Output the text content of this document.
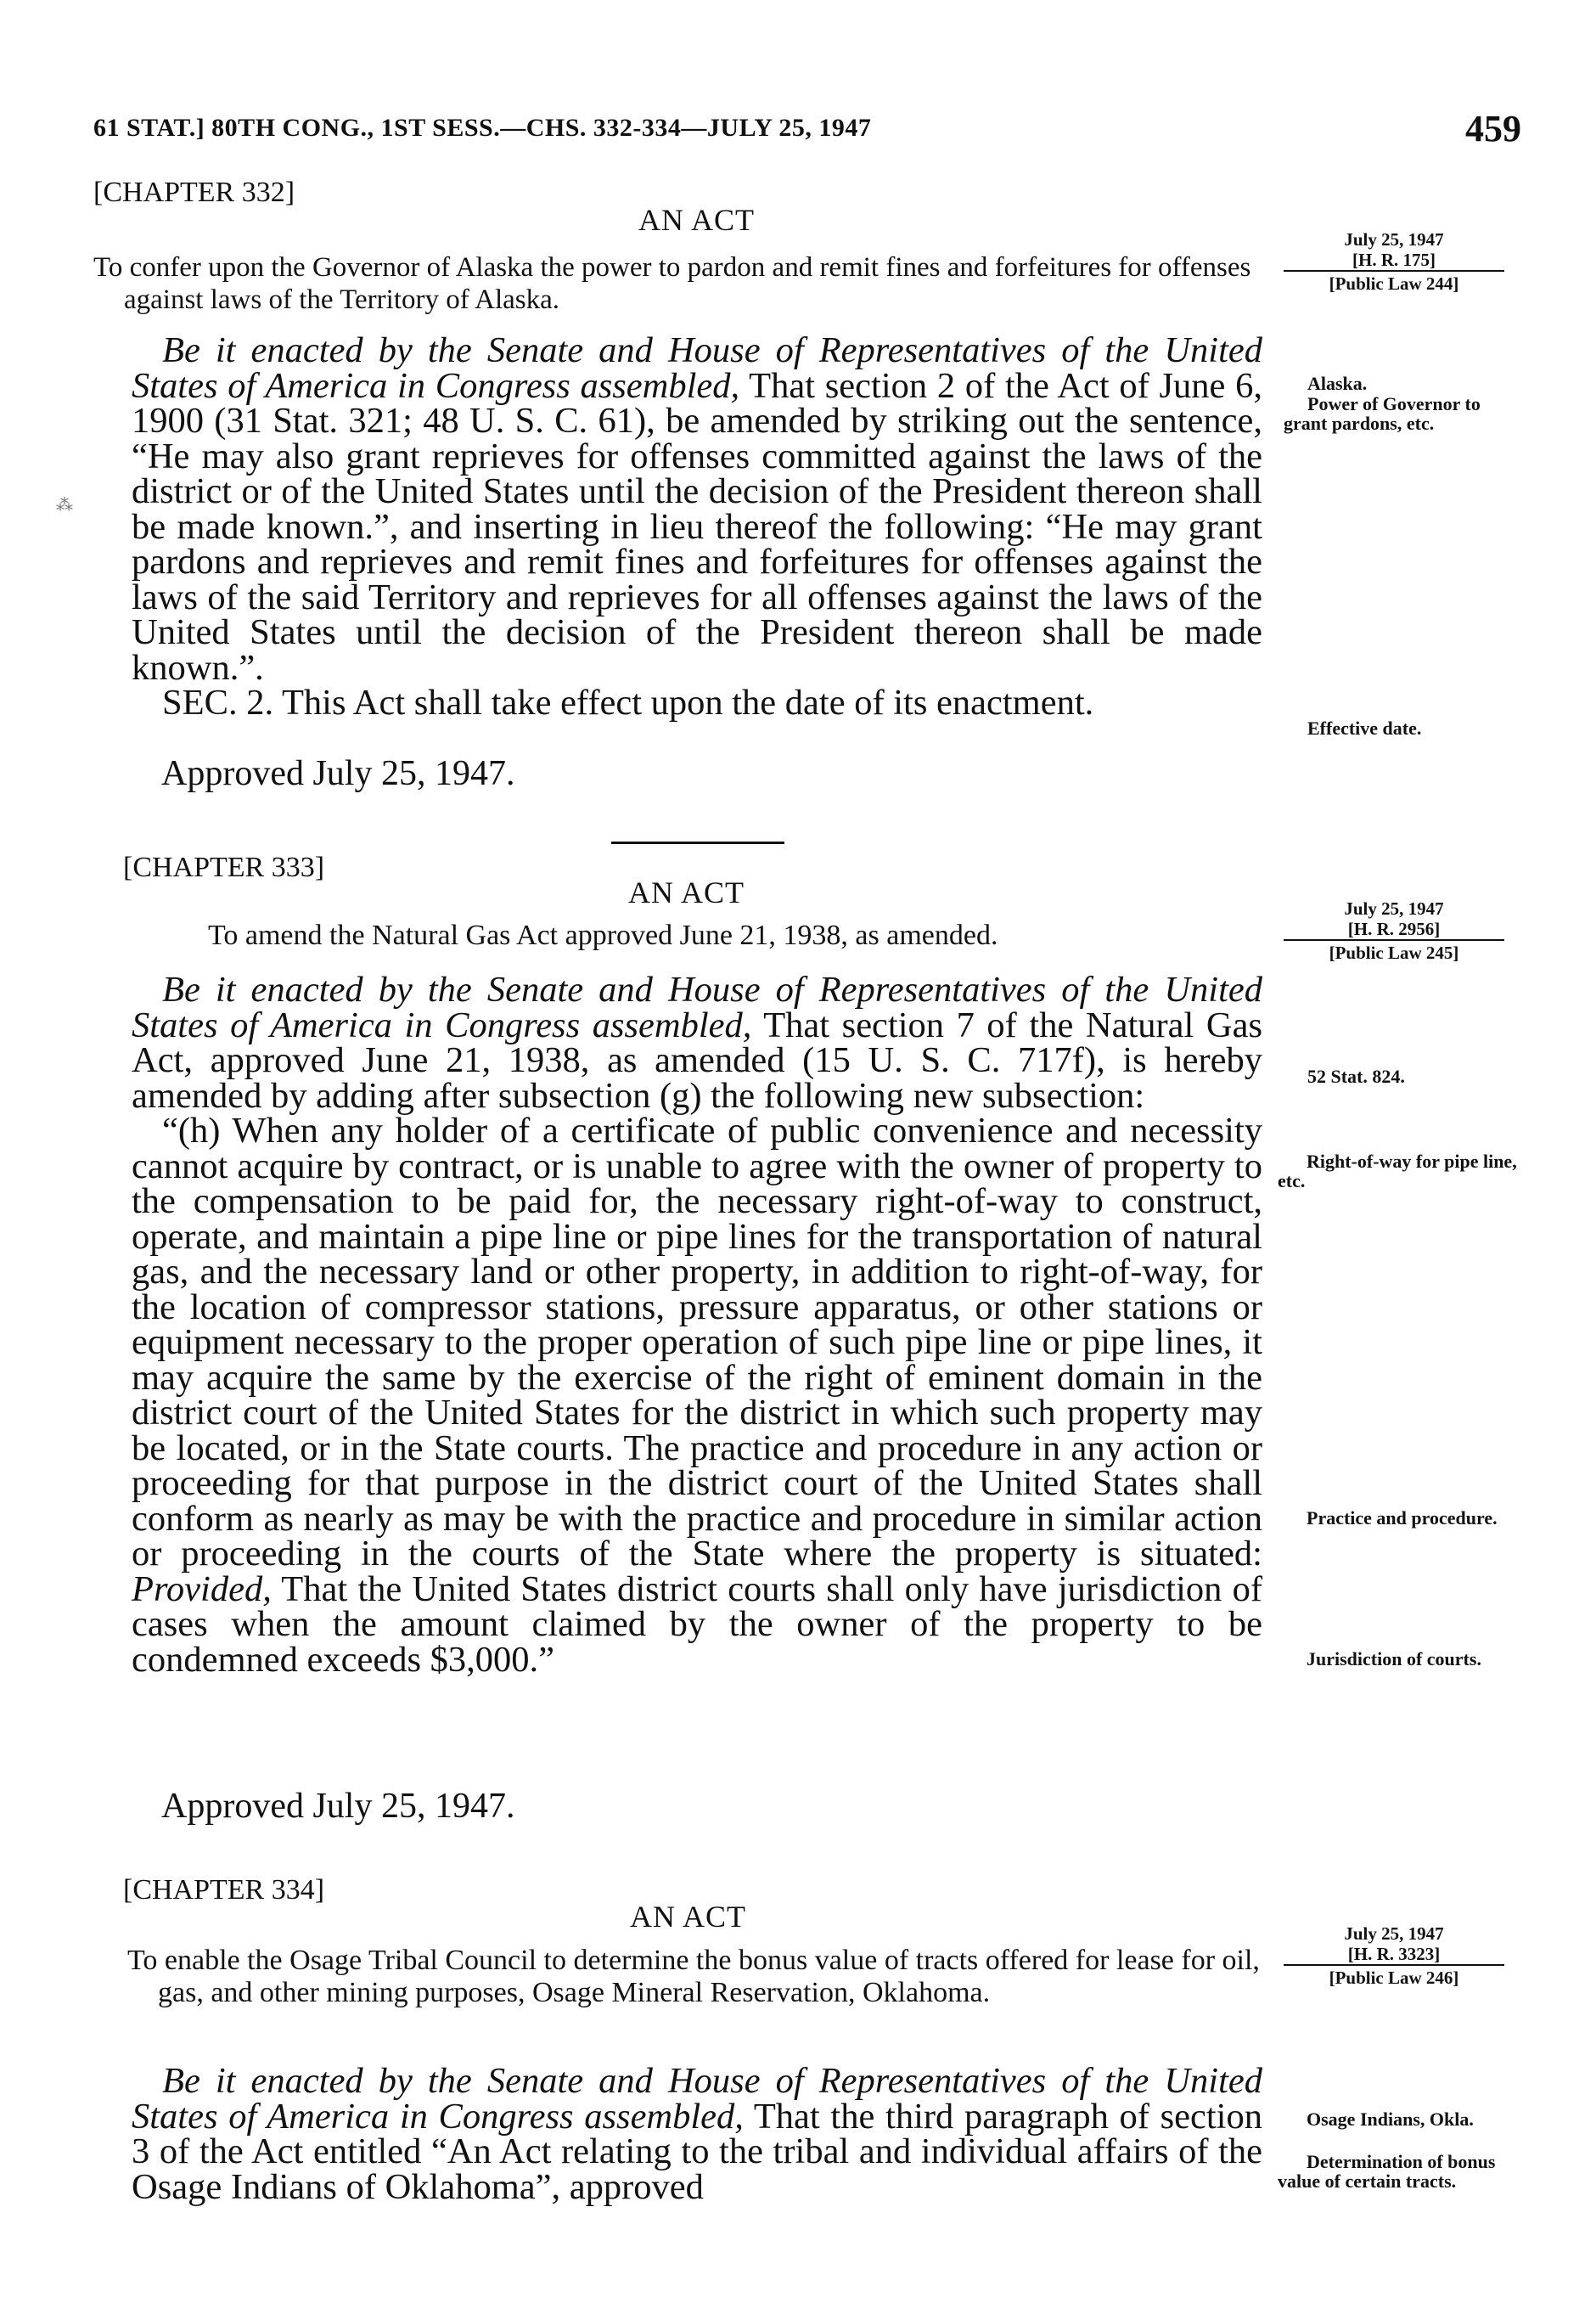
61 STAT.] 80TH CONG., 1ST SESS.—CHS. 332-334—JULY 25, 1947	459
⁂
[CHAPTER 332]
AN ACT
To confer upon the Governor of Alaska the power to pardon and remit fines and forfeitures for offenses against laws of the Territory of Alaska.
July 25, 1947
[H. R. 175]
[Public Law 244]

Be it enacted by the Senate and House of Representatives of the United States of America in Congress assembled, That section 2 of the Act of June 6, 1900 (31 Stat. 321; 48 U. S. C. 61), be amended by striking out the sentence, “He may also grant reprieves for offenses committed against the laws of the district or of the United States until the decision of the President thereon shall be made known.”, and inserting in lieu thereof the following: “He may grant pardons and reprieves and remit fines and forfeitures for offenses against the laws of the said Territory and reprieves for all offenses against the laws of the United States until the decision of the President thereon shall be made known.”.

SEC. 2. This Act shall take effect upon the date of its enactment.

Approved July 25, 1947.
Alaska.
Power of Governor to grant pardons, etc.
Effective date.
[CHAPTER 333]
AN ACT
To amend the Natural Gas Act approved June 21, 1938, as amended.
July 25, 1947
[H. R. 2956]
[Public Law 245]

Be it enacted by the Senate and House of Representatives of the United States of America in Congress assembled, That section 7 of the Natural Gas Act, approved June 21, 1938, as amended (15 U. S. C. 717f), is hereby amended by adding after subsection (g) the following new subsection:

“(h) When any holder of a certificate of public convenience and necessity cannot acquire by contract, or is unable to agree with the owner of property to the compensation to be paid for, the necessary right-of-way to construct, operate, and maintain a pipe line or pipe lines for the transportation of natural gas, and the necessary land or other property, in addition to right-of-way, for the location of compressor stations, pressure apparatus, or other stations or equipment necessary to the proper operation of such pipe line or pipe lines, it may acquire the same by the exercise of the right of eminent domain in the district court of the United States for the district in which such property may be located, or in the State courts. The practice and procedure in any action or proceeding for that purpose in the district court of the United States shall conform as nearly as may be with the practice and procedure in similar action or proceeding in the courts of the State where the property is situated: Provided, That the United States district courts shall only have jurisdiction of cases when the amount claimed by the owner of the property to be condemned exceeds $3,000.”

Approved July 25, 1947.
52 Stat. 824.
Right-of-way for pipe line, etc.
Practice and procedure.
Jurisdiction of courts.
[CHAPTER 334]
AN ACT
To enable the Osage Tribal Council to determine the bonus value of tracts offered for lease for oil, gas, and other mining purposes, Osage Mineral Reservation, Oklahoma.
July 25, 1947
[H. R. 3323]
[Public Law 246]

Be it enacted by the Senate and House of Representatives of the United States of America in Congress assembled, That the third paragraph of section 3 of the Act entitled “An Act relating to the tribal and individual affairs of the Osage Indians of Oklahoma”, approved

Osage Indians, Okla.
Determination of bonus value of certain tracts.
